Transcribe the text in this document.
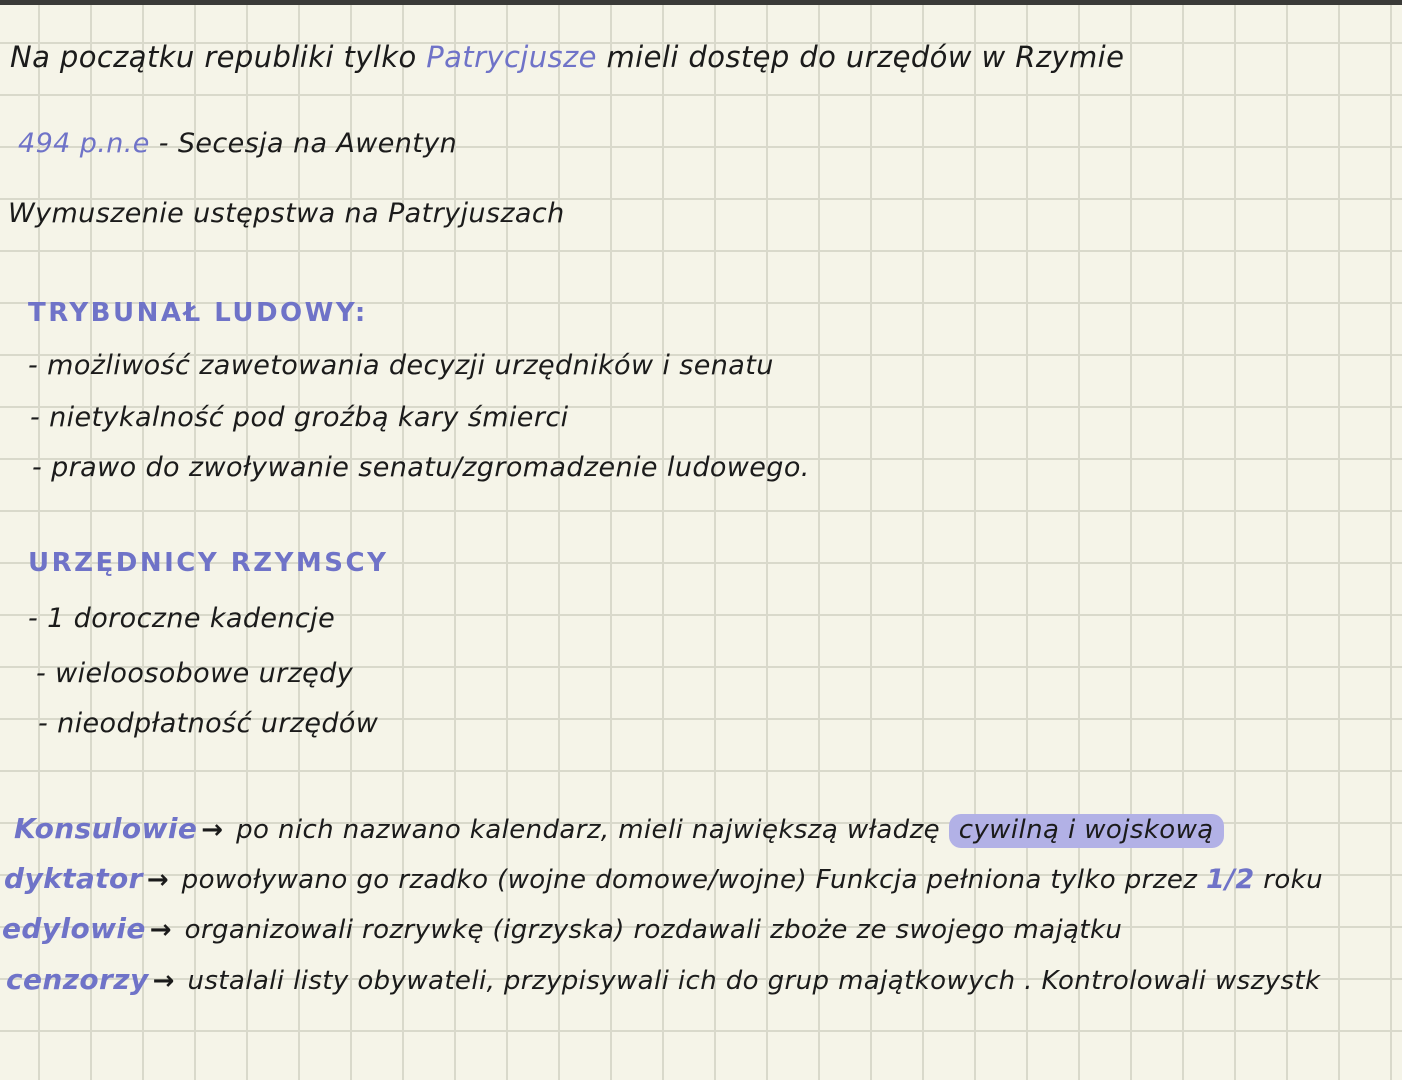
Na początku republiki tylko Patrycjusze mieli dostęp do urzędów w Rzymie
494 p.n.e - Secesja na Awentyn
Wymuszenie ustępstwa na Patryjuszach
TRYBUNAŁ LUDOWY:
- możliwość zawetowania decyzji urzędników i senatu
- nietykalność pod groźbą kary śmierci
- prawo do zwoływanie senatu/zgromadzenie ludowego.
URZĘDNICY RZYMSCY
- 1 doroczne kadencje
- wieloosobowe urzędy
- nieodpłatność urzędów
Konsulowie → po nich nazwano kalendarz, mieli największą władzę cywilną i wojskową
dyktator → powoływano go rzadko (wojne domowe/wojne) Funkcja pełniona tylko przez 1/2 roku
edylowie → organizowali rozrywkę (igrzyska) rozdawali zboże ze swojego majątku
cenzorzy → ustalali listy obywateli, przypisywali ich do grup majątkowych . Kontrolowali wszystk
